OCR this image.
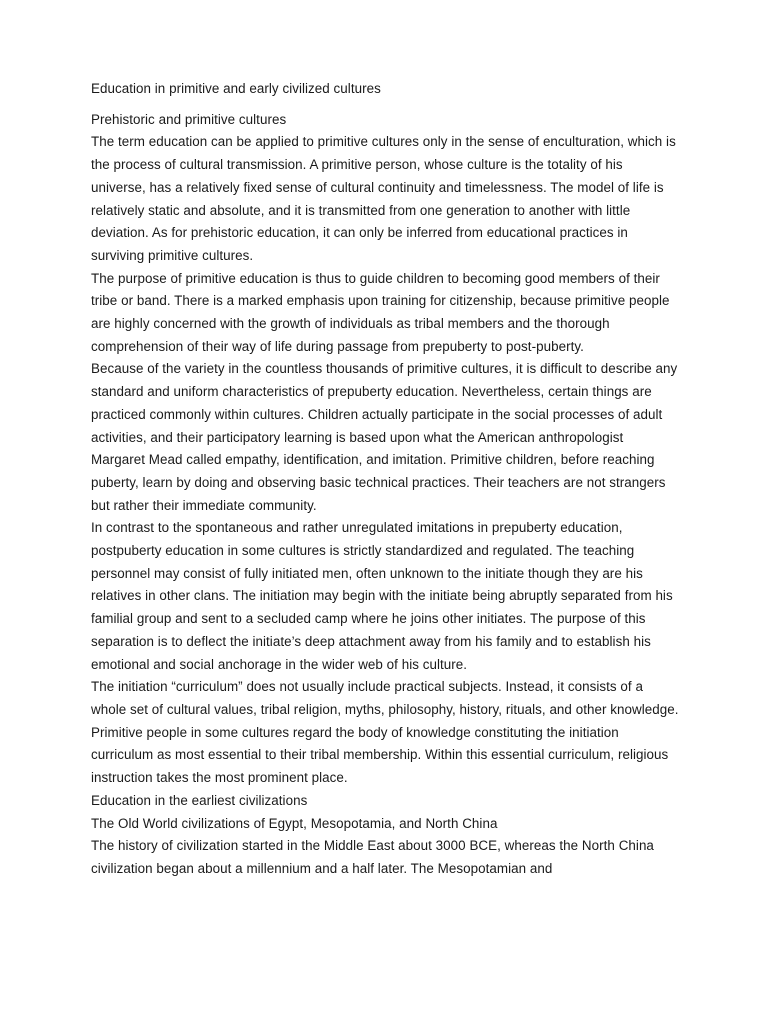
Education in primitive and early civilized cultures

Prehistoric and primitive cultures

The term education can be applied to primitive cultures only in the sense of enculturation, which is the process of cultural transmission. A primitive person, whose culture is the totality of his universe, has a relatively fixed sense of cultural continuity and timelessness. The model of life is relatively static and absolute, and it is transmitted from one generation to another with little deviation. As for prehistoric education, it can only be inferred from educational practices in surviving primitive cultures.

The purpose of primitive education is thus to guide children to becoming good members of their tribe or band. There is a marked emphasis upon training for citizenship, because primitive people are highly concerned with the growth of individuals as tribal members and the thorough comprehension of their way of life during passage from prepuberty to post-puberty.

Because of the variety in the countless thousands of primitive cultures, it is difficult to describe any standard and uniform characteristics of prepuberty education. Nevertheless, certain things are practiced commonly within cultures. Children actually participate in the social processes of adult activities, and their participatory learning is based upon what the American anthropologist Margaret Mead called empathy, identification, and imitation. Primitive children, before reaching puberty, learn by doing and observing basic technical practices. Their teachers are not strangers but rather their immediate community.

In contrast to the spontaneous and rather unregulated imitations in prepuberty education, postpuberty education in some cultures is strictly standardized and regulated. The teaching personnel may consist of fully initiated men, often unknown to the initiate though they are his relatives in other clans. The initiation may begin with the initiate being abruptly separated from his familial group and sent to a secluded camp where he joins other initiates. The purpose of this separation is to deflect the initiate’s deep attachment away from his family and to establish his emotional and social anchorage in the wider web of his culture.

The initiation “curriculum” does not usually include practical subjects. Instead, it consists of a whole set of cultural values, tribal religion, myths, philosophy, history, rituals, and other knowledge. Primitive people in some cultures regard the body of knowledge constituting the initiation curriculum as most essential to their tribal membership. Within this essential curriculum, religious instruction takes the most prominent place.

Education in the earliest civilizations

The Old World civilizations of Egypt, Mesopotamia, and North China

The history of civilization started in the Middle East about 3000 BCE, whereas the North China civilization began about a millennium and a half later. The Mesopotamian and
